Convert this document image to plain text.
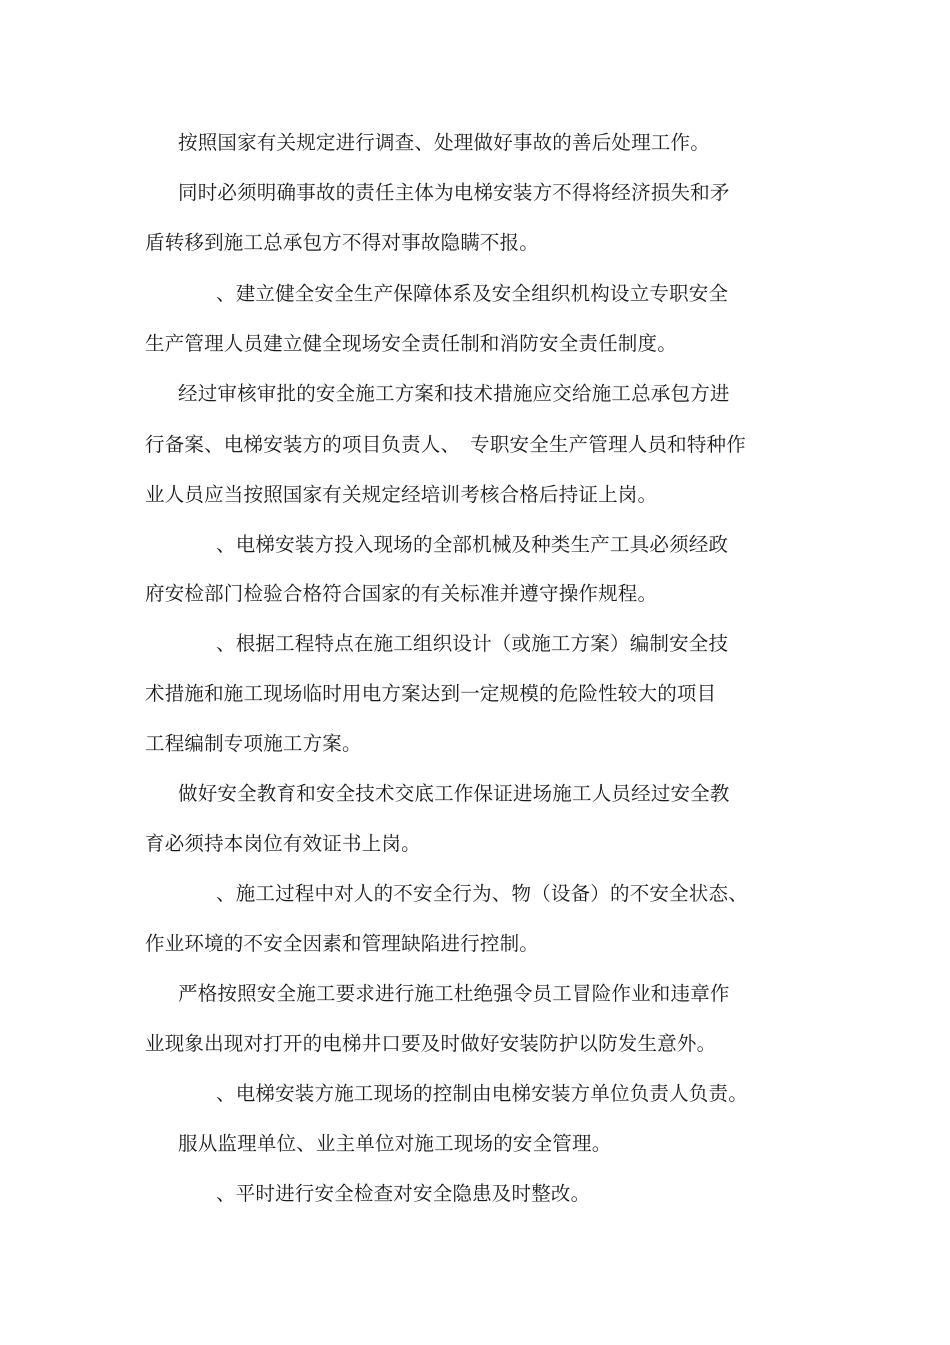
按照国家有关规定进行调查、处理做好事故的善后处理工作。
同时必须明确事故的责任主体为电梯安装方不得将经济损失和矛
盾转移到施工总承包方不得对事故隐瞒不报。
、建立健全安全生产保障体系及安全组织机构设立专职安全
生产管理人员建立健全现场安全责任制和消防安全责任制度。
经过审核审批的安全施工方案和技术措施应交给施工总承包方进
行备案、电梯安装方的项目负责人、　专职安全生产管理人员和特种作
业人员应当按照国家有关规定经培训考核合格后持证上岗。
、电梯安装方投入现场的全部机械及种类生产工具必须经政
府安检部门检验合格符合国家的有关标准并遵守操作规程。
、根据工程特点在施工组织设计（或施工方案）编制安全技
术措施和施工现场临时用电方案达到一定规模的危险性较大的项目
工程编制专项施工方案。
做好安全教育和安全技术交底工作保证进场施工人员经过安全教
育必须持本岗位有效证书上岗。
、施工过程中对人的不安全行为、物（设备）的不安全状态、
作业环境的不安全因素和管理缺陷进行控制。
严格按照安全施工要求进行施工杜绝强令员工冒险作业和违章作
业现象出现对打开的电梯井口要及时做好安装防护以防发生意外。
、电梯安装方施工现场的控制由电梯安装方单位负责人负责。
服从监理单位、业主单位对施工现场的安全管理。
、平时进行安全检查对安全隐患及时整改。
